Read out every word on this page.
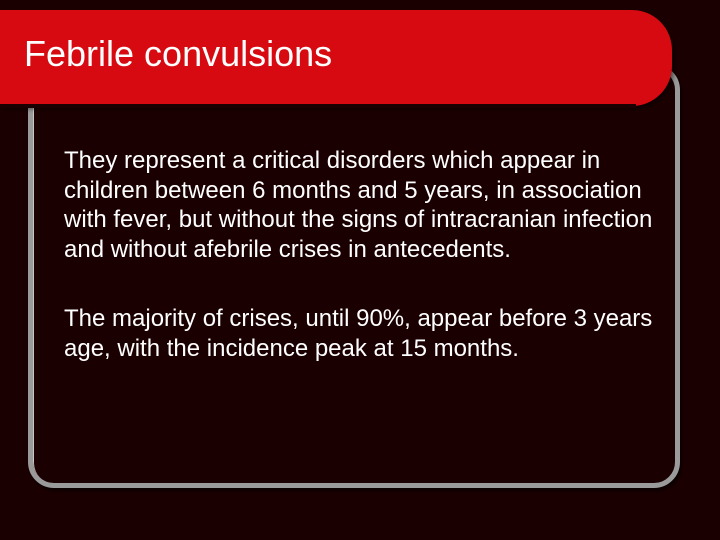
Febrile convulsions

They represent a critical disorders which appear in children between 6 months and 5 years, in association with fever, but without the signs of intracranian infection and without afebrile crises in antecedents.

The majority of crises, until 90%, appear before 3 years age, with the incidence peak at 15 months.
